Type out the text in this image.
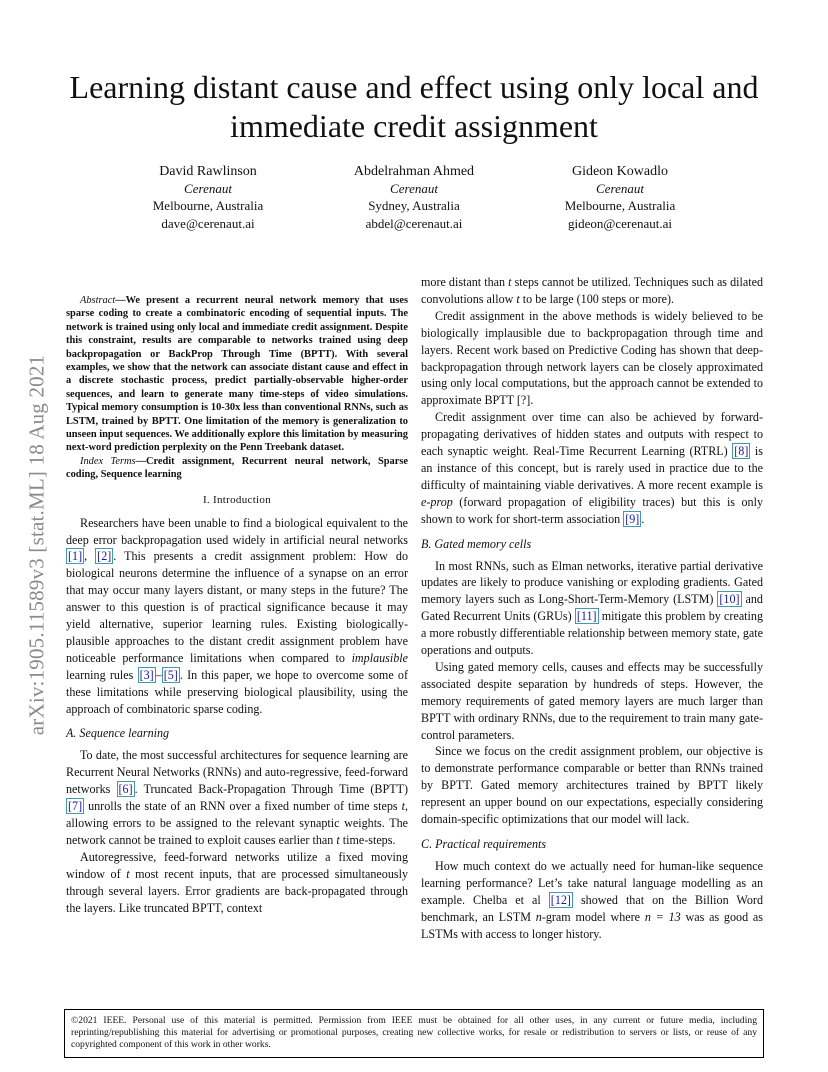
arXiv:1905.11589v3 [stat.ML] 18 Aug 2021
Learning distant cause and effect using only local and immediate credit assignment
David Rawlinson
Cerenaut
Melbourne, Australia
dave@cerenaut.ai
Abdelrahman Ahmed
Cerenaut
Sydney, Australia
abdel@cerenaut.ai
Gideon Kowadlo
Cerenaut
Melbourne, Australia
gideon@cerenaut.ai

Abstract—We present a recurrent neural network memory that uses sparse coding to create a combinatoric encoding of sequential inputs. The network is trained using only local and immediate credit assignment. Despite this constraint, results are comparable to networks trained using deep backpropagation or BackProp Through Time (BPTT). With several examples, we show that the network can associate distant cause and effect in a discrete stochastic process, predict partially-observable higher-order sequences, and learn to generate many time-steps of video simulations. Typical memory consumption is 10-30x less than conventional RNNs, such as LSTM, trained by BPTT. One limitation of the memory is generalization to unseen input sequences. We additionally explore this limitation by measuring next-word prediction perplexity on the Penn Treebank dataset.

Index Terms—Credit assignment, Recurrent neural network, Sparse coding, Sequence learning

I. Introduction

Researchers have been unable to find a biological equivalent to the deep error backpropagation used widely in artificial neural networks [1] , [2] . This presents a credit assignment problem: How do biological neurons determine the influence of a synapse on an error that may occur many layers distant, or many steps in the future? The answer to this question is of practical significance because it may yield alternative, superior learning rules. Existing biologically-plausible approaches to the distant credit assignment problem have noticeable performance limitations when compared to implausible learning rules [3] – [5] . In this paper, we hope to overcome some of these limitations while preserving biological plausibility, using the approach of combinatoric sparse coding.

A. Sequence learning

To date, the most successful architectures for sequence learning are Recurrent Neural Networks (RNNs) and auto-regressive, feed-forward networks [6] . Truncated Back-Propagation Through Time (BPTT) [7] unrolls the state of an RNN over a fixed number of time steps t, allowing errors to be assigned to the relevant synaptic weights. The network cannot be trained to exploit causes earlier than t time-steps.

Autoregressive, feed-forward networks utilize a fixed moving window of t most recent inputs, that are processed simultaneously through several layers. Error gradients are back-propagated through the layers. Like truncated BPTT, context

more distant than t steps cannot be utilized. Techniques such as dilated convolutions allow t to be large (100 steps or more).

Credit assignment in the above methods is widely believed to be biologically implausible due to backpropagation through time and layers. Recent work based on Predictive Coding has shown that deep-backpropagation through network layers can be closely approximated using only local computations, but the approach cannot be extended to approximate BPTT [?].

Credit assignment over time can also be achieved by forward-propagating derivatives of hidden states and outputs with respect to each synaptic weight. Real-Time Recurrent Learning (RTRL) [8] is an instance of this concept, but is rarely used in practice due to the difficulty of maintaining viable derivatives. A more recent example is e-prop (forward propagation of eligibility traces) but this is only shown to work for short-term association [9] .

B. Gated memory cells

In most RNNs, such as Elman networks, iterative partial derivative updates are likely to produce vanishing or exploding gradients. Gated memory layers such as Long-Short-Term-Memory (LSTM) [10] and Gated Recurrent Units (GRUs) [11] mitigate this problem by creating a more robustly differentiable relationship between memory state, gate operations and outputs.

Using gated memory cells, causes and effects may be successfully associated despite separation by hundreds of steps. However, the memory requirements of gated memory layers are much larger than BPTT with ordinary RNNs, due to the requirement to train many gate-control parameters.

Since we focus on the credit assignment problem, our objective is to demonstrate performance comparable or better than RNNs trained by BPTT. Gated memory architectures trained by BPTT likely represent an upper bound on our expectations, especially considering domain-specific optimizations that our model will lack.

C. Practical requirements

How much context do we actually need for human-like sequence learning performance? Let’s take natural language modelling as an example. Chelba et al [12] showed that on the Billion Word benchmark, an LSTM n-gram model where n = 13 was as good as LSTMs with access to longer history.

©2021 IEEE. Personal use of this material is permitted. Permission from IEEE must be obtained for all other uses, in any current or future media, including reprinting/republishing this material for advertising or promotional purposes, creating new collective works, for resale or redistribution to servers or lists, or reuse of any copyrighted component of this work in other works.
